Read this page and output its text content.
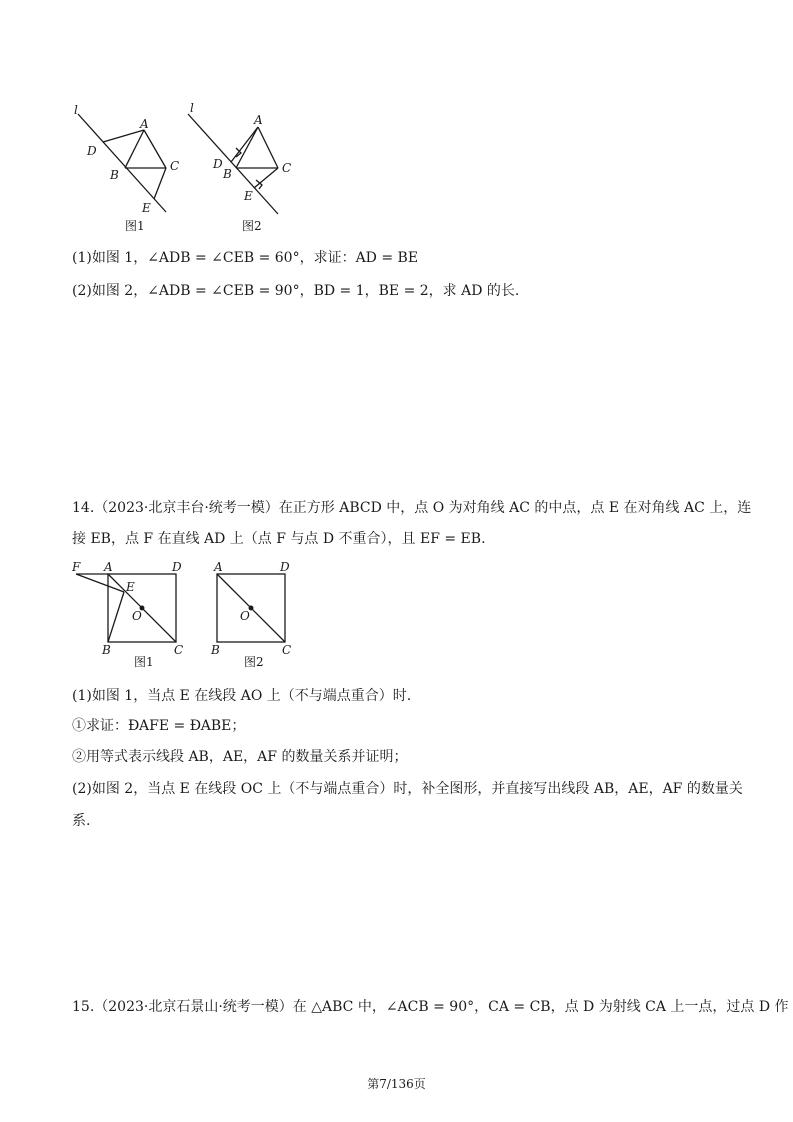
l
A
D
B
C
E
图1
l
A
D
B	C
E
图2
(1)如图 1，∠ADB = ∠CEB = 60°，求证：AD = BE
(2)如图 2，∠ADB = ∠CEB = 90°，BD = 1，BE = 2，求 AD 的长.
14.（2023·北京丰台·统考一模）在正方形 ABCD 中，点 O 为对角线 AC 的中点，点 E 在对角线 AC 上，连
接 EB，点 F 在直线 AD 上（点 F 与点 D 不重合），且 EF = EB.
F A	D
E
O
B	C
图1
A	D
O
B	C
图2
(1)如图 1，当点 E 在线段 AO 上（不与端点重合）时.
①求证：ÐAFE = ÐABE；
②用等式表示线段 AB，AE，AF 的数量关系并证明；
(2)如图 2，当点 E 在线段 OC 上（不与端点重合）时，补全图形，并直接写出线段 AB，AE，AF 的数量关
系.
15.（2023·北京石景山·统考一模）在 △ABC 中，∠ACB = 90°，CA = CB，点 D 为射线 CA 上一点，过点 D 作
第7/136页
